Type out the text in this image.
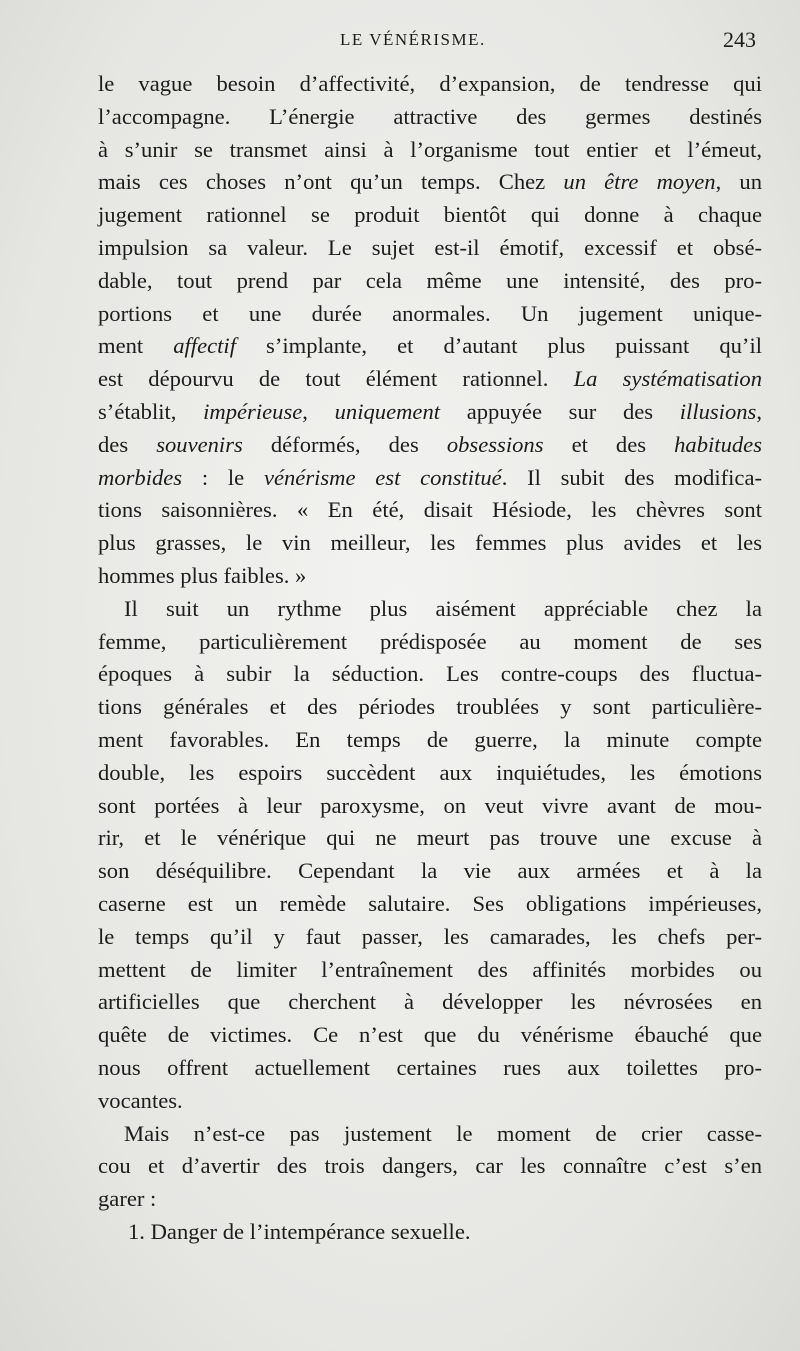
LE VÉNÉRISME.	243
le vague besoin d’affectivité, d’expansion, de tendresse qui
l’accompagne. L’énergie attractive des germes destinés
à s’unir se transmet ainsi à l’organisme tout entier et l’émeut,
mais ces choses n’ont qu’un temps. Chez un être moyen, un
jugement rationnel se produit bientôt qui donne à chaque
impulsion sa valeur. Le sujet est-il émotif, excessif et obsé-
dable, tout prend par cela même une intensité, des pro-
portions et une durée anormales. Un jugement unique-
ment affectif s’implante, et d’autant plus puissant qu’il
est dépourvu de tout élément rationnel. La systématisation
s’établit, impérieuse, uniquement appuyée sur des illusions,
des souvenirs déformés, des obsessions et des habitudes
morbides : le vénérisme est constitué. Il subit des modifica-
tions saisonnières. « En été, disait Hésiode, les chèvres sont
plus grasses, le vin meilleur, les femmes plus avides et les
hommes plus faibles. »
Il suit un rythme plus aisément appréciable chez la
femme, particulièrement prédisposée au moment de ses
époques à subir la séduction. Les contre-coups des fluctua-
tions générales et des périodes troublées y sont particulière-
ment favorables. En temps de guerre, la minute compte
double, les espoirs succèdent aux inquiétudes, les émotions
sont portées à leur paroxysme, on veut vivre avant de mou-
rir, et le vénérique qui ne meurt pas trouve une excuse à
son déséquilibre. Cependant la vie aux armées et à la
caserne est un remède salutaire. Ses obligations impérieuses,
le temps qu’il y faut passer, les camarades, les chefs per-
mettent de limiter l’entraînement des affinités morbides ou
artificielles que cherchent à développer les névrosées en
quête de victimes. Ce n’est que du vénérisme ébauché que
nous offrent actuellement certaines rues aux toilettes pro-
vocantes.
Mais n’est-ce pas justement le moment de crier casse-
cou et d’avertir des trois dangers, car les connaître c’est s’en
garer :
1. Danger de l’intempérance sexuelle.
